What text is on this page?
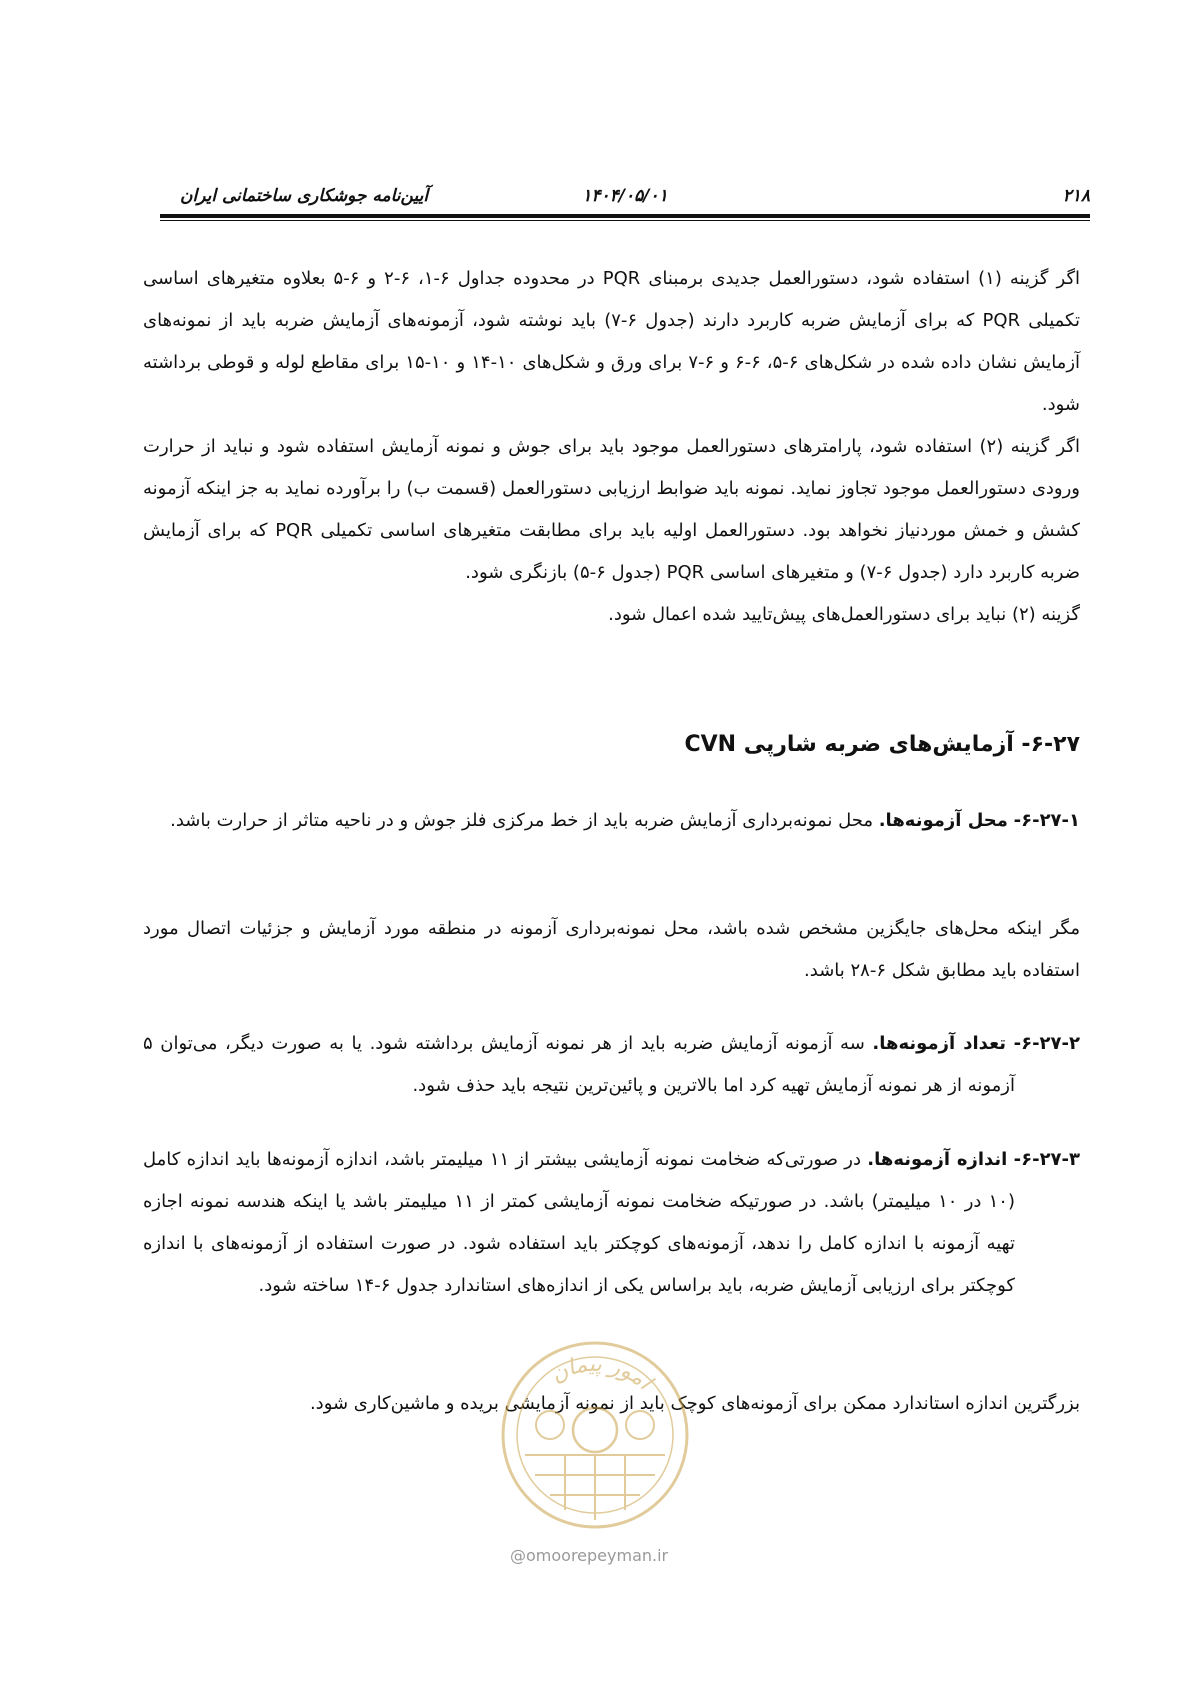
۲۱۸
۱۴۰۴/۰۵/۰۱
آیین‌نامه جوشکاری ساختمانی ایران

اگر گزینه (۱) استفاده شود، دستورالعمل جدیدی برمبنای PQR در محدوده جداول ۶-۱، ۶-۲ و ۶-۵ بعلاوه متغیرهای اساسی تکمیلی PQR که برای آزمایش ضربه کاربرد دارند (جدول ۶-۷) باید نوشته شود، آزمونه‌های آزمایش ضربه باید از نمونه‌های آزمایش نشان داده شده در شکل‌های ۶-۵، ۶-۶ و ۶-۷ برای ورق و شکل‌های ۱۰-۱۴ و ۱۰-۱۵ برای مقاطع لوله و قوطی برداشته شود.

اگر گزینه (۲) استفاده شود، پارامترهای دستورالعمل موجود باید برای جوش و نمونه آزمایش استفاده شود و نباید از حرارت ورودی دستورالعمل موجود تجاوز نماید. نمونه باید ضوابط ارزیابی دستورالعمل (قسمت ب) را برآورده نماید به جز اینکه آزمونه کشش و خمش موردنیاز نخواهد بود. دستورالعمل اولیه باید برای مطابقت متغیرهای اساسی تکمیلی PQR که برای آزمایش ضربه کاربرد دارد (جدول ۶-۷) و متغیرهای اساسی PQR (جدول ۶-۵) بازنگری شود.

گزینه (۲) نباید برای دستورالعمل‌های پیش‌تایید شده اعمال شود.

۶-۲۷- آزمایش‌های ضربه شارپی CVN
۶-۲۷-۱- محل آزمونه‌ها. محل نمونه‌برداری آزمایش ضربه باید از خط مرکزی فلز جوش و در ناحیه متاثر از حرارت باشد.

مگر اینکه محل‌های جایگزین مشخص شده باشد، محل نمونه‌برداری آزمونه در منطقه مورد آزمایش و جزئیات اتصال مورد استفاده باید مطابق شکل ۶-۲۸ باشد.

۶-۲۷-۲- تعداد آزمونه‌ها. سه آزمونه آزمایش ضربه باید از هر نمونه آزمایش برداشته شود. یا به صورت دیگر، می‌توان ۵ آزمونه از هر نمونه آزمایش تهیه کرد اما بالاترین و پائین‌ترین نتیجه باید حذف شود.
۶-۲۷-۳- اندازه آزمونه‌ها. در صورتی‌که ضخامت نمونه آزمایشی بیشتر از ۱۱ میلیمتر باشد، اندازه آزمونه‌ها باید اندازه کامل (۱۰ در ۱۰ میلیمتر) باشد. در صورتیکه ضخامت نمونه آزمایشی کمتر از ۱۱ میلیمتر باشد یا اینکه هندسه نمونه اجازه تهیه آزمونه با اندازه کامل را ندهد، آزمونه‌های کوچکتر باید استفاده شود. در صورت استفاده از آزمونه‌های با اندازه کوچکتر برای ارزیابی آزمایش ضربه، باید براساس یکی از اندازه‌های استاندارد جدول ۶-۱۴ ساخته شود.

بزرگترین اندازه استاندارد ممکن برای آزمونه‌های کوچک باید از نمونه آزمایشی بریده و ماشین‌کاری شود.

امور پیمان
@omoorepeyman.ir
